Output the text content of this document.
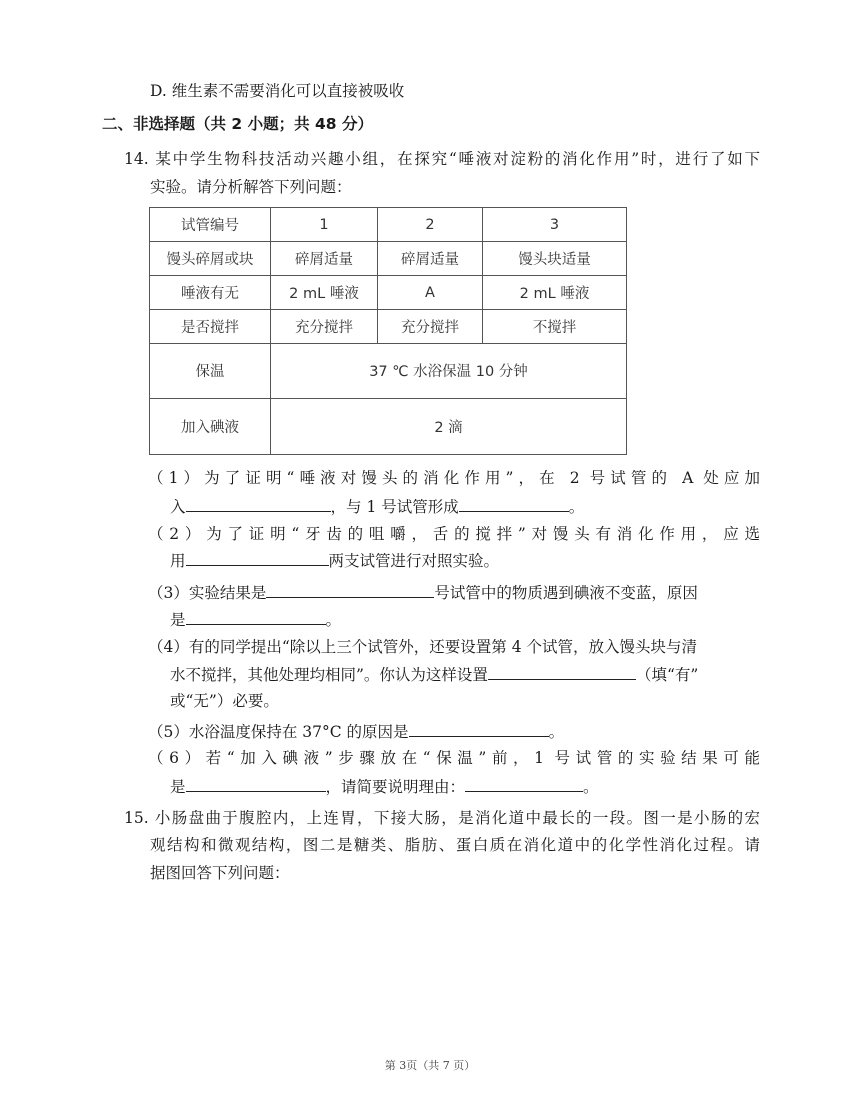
D. 维生素不需要消化可以直接被吸收
二、非选择题（共 2 小题；共 48 分）
14. 某中学生物科技活动兴趣小组，在探究“唾液对淀粉的消化作用”时，进行了如下
实验。请分析解答下列问题：
试管编号	1	2	3
馒头碎屑或块	碎屑适量	碎屑适量	馒头块适量
唾液有无	2 mL 唾液	A	2 mL 唾液
是否搅拌	充分搅拌	充分搅拌	不搅拌
保温	37 ℃ 水浴保温 10 分钟		
加入碘液	2 滴		
（1）为了证明“唾液对馒头的消化作用”，在 2 号试管的 A 处应加
入	，与 1 号试管形成	。
（2）为了证明“牙齿的咀嚼，舌的搅拌”对馒头有消化作用，应选
用	两支试管进行对照实验。
（3）实验结果是	号试管中的物质遇到碘液不变蓝，原因
是	。
（4）有的同学提出“除以上三个试管外，还要设置第 4 个试管，放入馒头块与清
水不搅拌，其他处理均相同”。你认为这样设置	（填“有”
或“无”）必要。
（5）水浴温度保持在 37°C 的原因是	。
（6）若“加入碘液”步骤放在“保温”前，1 号试管的实验结果可能
是	，请简要说明理由：	。
15. 小肠盘曲于腹腔内，上连胃，下接大肠，是消化道中最长的一段。图一是小肠的宏
观结构和微观结构，图二是糖类、脂肪、蛋白质在消化道中的化学性消化过程。请
据图回答下列问题：
第 3页（共 7 页）
